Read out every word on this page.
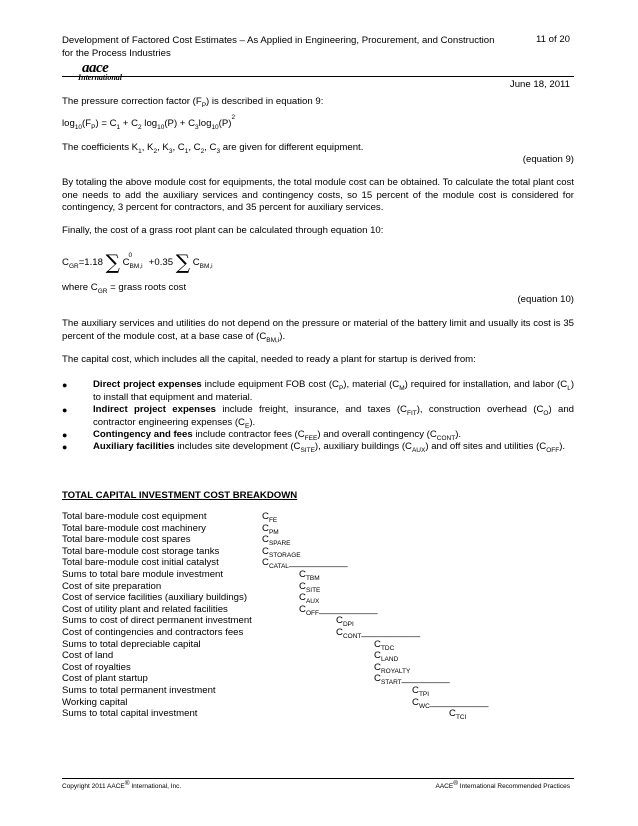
Development of Factored Cost Estimates – As Applied in Engineering, Procurement, and Construction for the Process Industries
11 of 20
aace
International
June 18, 2011
The pressure correction factor $(F_P)$ is described in equation 9:
$\log_{10}(F_P) = C_1 + C_2$ $\log_{10}(P) + C_3\log_{10}(P)^2$
The coefficients $K_1$, $K_2$, $K_3$, $C_1$, $C_2$, $C_3$ are given for different equipment.
(equation 9)
By totaling the above module cost for equipments, the total module cost can be obtained. To calculate the total plant cost one needs to add the auxiliary services and contingency costs, so 15 percent of the module cost is considered for contingency, 3 percent for contractors, and 35 percent for auxiliary services.
Finally, the cost of a grass root plant can be calculated through equation 10:
$C_{GR}=1.18$ ∑ $C_{BM,i}^0 +0.35$ ∑ $C_{BM,i}$
where $C_{GR}$ = grass roots cost
(equation 10)
The auxiliary services and utilities do not depend on the pressure or material of the battery limit and usually its cost is 35 percent of the module cost, at a base case of $(C_{BM,i})$.
The capital cost, which includes all the capital, needed to ready a plant for startup is derived from:
●	Direct project expenses include equipment FOB cost $(C_P)$, material $(C_M)$ required for installation, and labor $(C_L)$ to install that equipment and material.
●	Indirect project expenses include freight, insurance, and taxes $(C_{FIT})$, construction overhead $(C_O)$ and contractor engineering expenses $(C_E)$.
●	Contingency and fees include contractor fees $(C_{FEE})$ and overall contingency $(C_{CONT})$.
●	Auxiliary facilities includes site development $(C_{SITE})$, auxiliary buildings $(C_{AUX})$ and off sites and utilities $(C_{OFF})$.
TOTAL CAPITAL INVESTMENT COST BREAKDOWN
Total bare-module cost equipment	$C_{FE}$
Total bare-module cost machinery	$C_{PM}$
Total bare-module cost spares	$C_{SPARE}$
Total bare-module cost storage tanks	$C_{STORAGE}$
Total bare-module cost initial catalyst	$C_{CATAL}\_\_\_\_\_\_\_\_\_\_\_$
Sums to total bare module investment	$C_{TBM}$
Cost of site preparation	$C_{SITE}$
Cost of service facilities (auxiliary buildings)	$C_{AUX}$
Cost of utility plant and related facilities	$C_{OFF}\_\_\_\_\_\_\_\_\_\_\_$
Sums to cost of direct permanent investment	$C_{DPI}$
Cost of contingencies and contractors fees	$C_{CONT}\_\_\_\_\_\_\_\_\_\_\_$
Sums to total depreciable capital	$C_{TDC}$
Cost of land	$C_{LAND}$
Cost of royalties	$C_{ROYALTY}$
Cost of plant startup	$C_{START}\_\_\_\_\_\_\_\_\_$
Sums to total permanent investment	$C_{TPI}$
Working capital	$C_{WC}\_\_\_\_\_\_\_\_\_\_\_$
Sums to total capital investment	$C_{TCI}$
Copyright 2011 AACE® International, Inc.	AACE® International Recommended Practices
